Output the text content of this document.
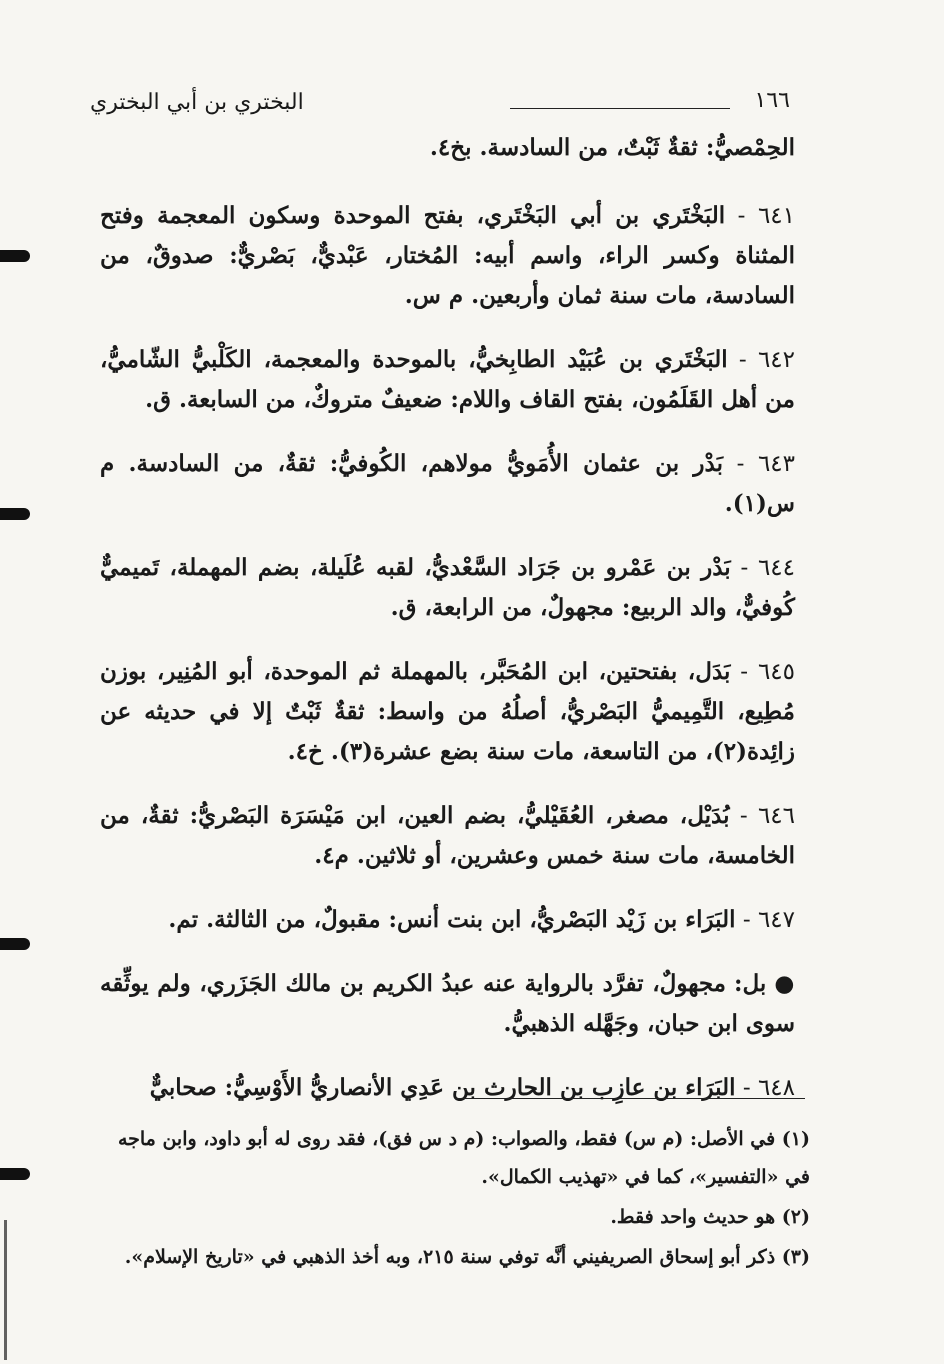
١٦٦
البختري بن أبي البختري

الحِمْصيُّ: ثقةٌ ثَبْتٌ، من السادسة. بخ٤.

٦٤١ - البَخْتَري بن أبي البَخْتَري، بفتح الموحدة وسكون المعجمة وفتح المثناة وكسر الراء، واسم أبيه: المُختار، عَبْديٌّ، بَصْريٌّ: صدوقٌ، من السادسة، مات سنة ثمان وأربعين. م س.

٦٤٢ - البَخْتَري بن عُبَيْد الطابِخيُّ، بالموحدة والمعجمة، الكَلْبيُّ الشّاميُّ، من أهل القَلَمُون، بفتح القاف واللام: ضعيفٌ متروكٌ، من السابعة. ق.

٦٤٣ - بَدْر بن عثمان الأُمَويُّ مولاهم، الكُوفيُّ: ثقةٌ، من السادسة. م س(١).

٦٤٤ - بَدْر بن عَمْرو بن جَرَاد السَّعْديُّ، لقبه عُلَيلة، بضم المهملة، تَميميٌّ كُوفيٌّ، والد الربيع: مجهولٌ، من الرابعة، ق.

٦٤٥ - بَدَل، بفتحتين، ابن المُحَبَّر، بالمهملة ثم الموحدة، أبو المُنِير، بوزن مُطِيع، التَّمِيميُّ البَصْريُّ، أصلُهُ من واسط: ثقةٌ ثَبْتٌ إلا في حديثه عن زائِدة(٢)، من التاسعة، مات سنة بضع عشرة(٣). خ٤.

٦٤٦ - بُدَيْل، مصغر، العُقَيْليُّ، بضم العين، ابن مَيْسَرَة البَصْريُّ: ثقةٌ، من الخامسة، مات سنة خمس وعشرين، أو ثلاثين. م٤.

٦٤٧ - البَرَاء بن زَيْد البَصْريُّ، ابن بنت أنس: مقبولٌ، من الثالثة. تم.

● بل: مجهولٌ، تفرَّد بالرواية عنه عبدُ الكريم بن مالك الجَزَري، ولم يوثِّقه سوى ابن حبان، وجَهَّله الذهبيُّ.

٦٤٨ - البَرَاء بن عازِب بن الحارث بن عَدِي الأنصاريُّ الأَوْسِيُّ: صحابيٌّ

(١) في الأصل: (م س) فقط، والصواب: (م د س فق)، فقد روى له أبو داود، وابن ماجه في «التفسير»، كما في «تهذيب الكمال».

(٢) هو حديث واحد فقط.

(٣) ذكر أبو إسحاق الصريفيني أنَّه توفي سنة ٢١٥، وبه أخذ الذهبي في «تاريخ الإسلام».
